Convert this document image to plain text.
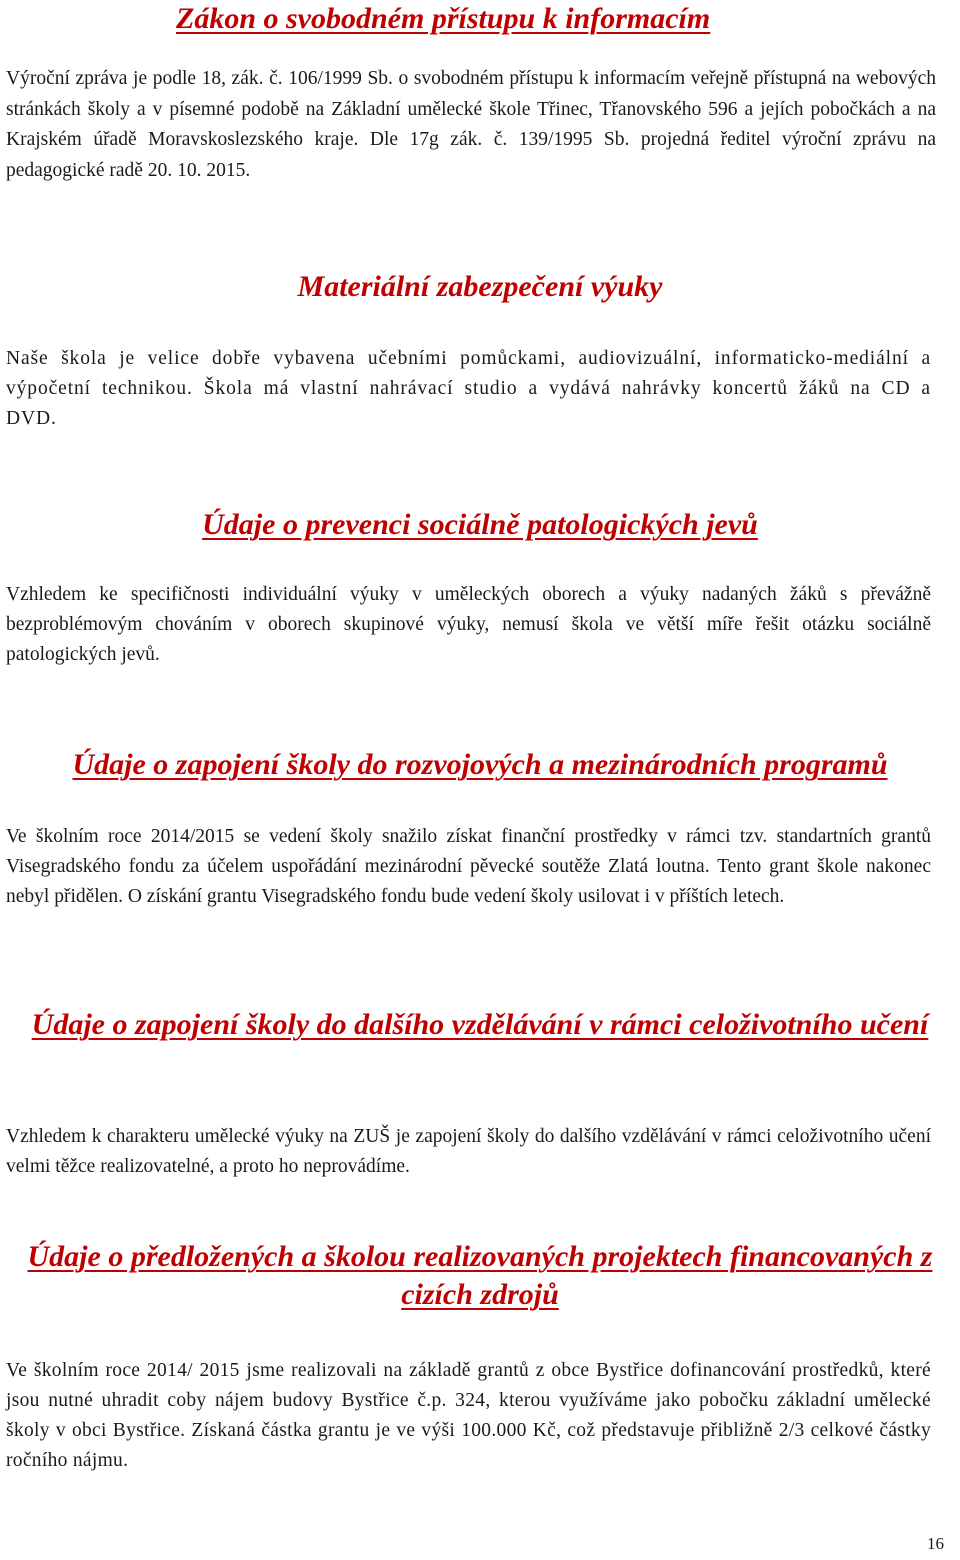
Zákon o svobodném přístupu k informacím

Výroční zpráva je podle 18, zák. č. 106/1999 Sb. o svobodném přístupu k informacím veřejně přístupná na webových stránkách školy a v písemné podobě na Základní umělecké škole Třinec, Třanovského 596 a jejích pobočkách a na Krajském úřadě Moravskoslezského kraje. Dle 17g zák. č. 139/1995 Sb. projedná ředitel výroční zprávu na pedagogické radě 20. 10. 2015.

Materiální zabezpečení výuky

Naše škola je velice dobře vybavena učebními pomůckami, audiovizuální, informaticko-mediální a výpočetní technikou. Škola má vlastní nahrávací studio a vydává nahrávky koncertů žáků na CD a DVD.

Údaje o prevenci sociálně patologických jevů

Vzhledem ke specifičnosti individuální výuky v uměleckých oborech a výuky nadaných žáků s převážně bezproblémovým chováním v oborech skupinové výuky, nemusí škola ve větší míře řešit otázku sociálně patologických jevů.

Údaje o zapojení školy do rozvojových a mezinárodních programů

Ve školním roce 2014/2015 se vedení školy snažilo získat finanční prostředky v rámci tzv. standartních grantů Visegradského fondu za účelem uspořádání mezinárodní pěvecké soutěže Zlatá loutna. Tento grant škole nakonec nebyl přidělen. O získání grantu Visegradského fondu bude vedení školy usilovat i v příštích letech.

Údaje o zapojení školy do dalšího vzdělávání v rámci celoživotního učení

Vzhledem k charakteru umělecké výuky na ZUŠ je zapojení školy do dalšího vzdělávání v rámci celoživotního učení velmi těžce realizovatelné, a proto ho neprovádíme.

Údaje o předložených a školou realizovaných projektech financovaných z cizích zdrojů

Ve školním roce 2014/ 2015 jsme realizovali na základě grantů z obce Bystřice dofinancování prostředků, které jsou nutné uhradit coby nájem budovy Bystřice č.p. 324, kterou využíváme jako pobočku základní umělecké školy v obci Bystřice. Získaná částka grantu je ve výši 100.000 Kč, což představuje přibližně 2/3 celkové částky ročního nájmu.

16
